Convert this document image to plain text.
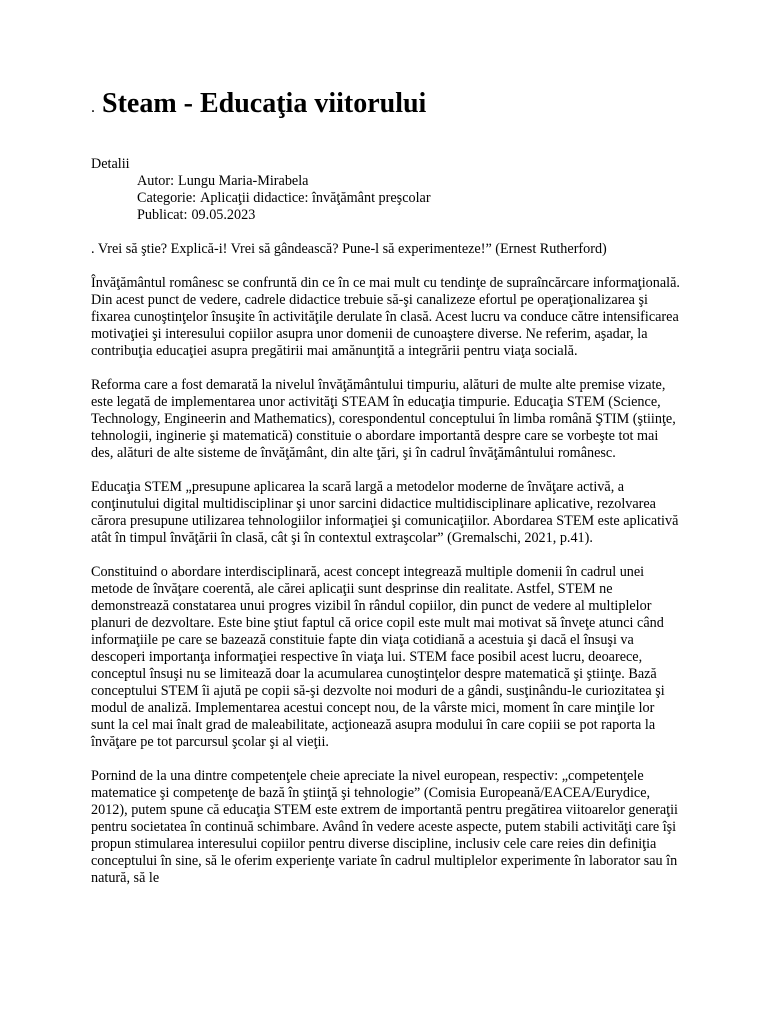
. Steam - Educaţia viitorului
Detalii
Autor: Lungu Maria-Mirabela
Categorie: Aplicaţii didactice: învăţământ preşcolar
Publicat: 09.05.2023

. Vrei să ştie? Explică-i! Vrei să gândească? Pune-l să experimenteze!” (Ernest Rutherford)

Învăţământul românesc se confruntă din ce în ce mai mult cu tendinţe de supraîncărcare informaţională. Din acest punct de vedere, cadrele didactice trebuie să-şi canalizeze efortul pe operaţionalizarea şi fixarea cunoştinţelor însuşite în activităţile derulate în clasă. Acest lucru va conduce către intensificarea motivaţiei şi interesului copiilor asupra unor domenii de cunoaştere diverse. Ne referim, aşadar, la contribuţia educaţiei asupra pregătirii mai amănunţită a integrării pentru viaţa socială.

Reforma care a fost demarată la nivelul învăţământului timpuriu, alături de multe alte premise vizate, este legată de implementarea unor activităţi STEAM în educaţia timpurie. Educaţia STEM (Science, Technology, Engineerin and Mathematics), corespondentul conceptului în limba română ŞTIM (ştiinţe, tehnologii, inginerie şi matematică) constituie o abordare importantă despre care se vorbeşte tot mai des, alături de alte sisteme de învăţământ, din alte ţări, şi în cadrul învăţământului românesc.

Educaţia STEM „presupune aplicarea la scară largă a metodelor moderne de învăţare activă, a conţinutului digital multidisciplinar şi unor sarcini didactice multidisciplinare aplicative, rezolvarea cărora presupune utilizarea tehnologiilor informaţiei şi comunicaţiilor. Abordarea STEM este aplicativă atât în timpul învăţării în clasă, cât şi în contextul extraşcolar” (Gremalschi, 2021, p.41).

Constituind o abordare interdisciplinară, acest concept integrează multiple domenii în cadrul unei metode de învăţare coerentă, ale cărei aplicaţii sunt desprinse din realitate. Astfel, STEM ne demonstrează constatarea unui progres vizibil în rândul copiilor, din punct de vedere al multiplelor planuri de dezvoltare. Este bine ştiut faptul că orice copil este mult mai motivat să înveţe atunci când informaţiile pe care se bazează constituie fapte din viaţa cotidiană a acestuia şi dacă el însuşi va descoperi importanţa informaţiei respective în viaţa lui. STEM face posibil acest lucru, deoarece, conceptul însuşi nu se limitează doar la acumularea cunoştinţelor despre matematică şi ştiinţe. Bază conceptului STEM îi ajută pe copii să-şi dezvolte noi moduri de a gândi, susţinându-le curiozitatea şi modul de analiză. Implementarea acestui concept nou, de la vârste mici, moment în care minţile lor sunt la cel mai înalt grad de maleabilitate, acţionează asupra modului în care copiii se pot raporta la învăţare pe tot parcursul şcolar şi al vieţii.

Pornind de la una dintre competenţele cheie apreciate la nivel european, respectiv: „competenţele matematice şi competenţe de bază în ştiinţă şi tehnologie” (Comisia Europeană/EACEA/Eurydice, 2012), putem spune că educaţia STEM este extrem de importantă pentru pregătirea viitoarelor generaţii pentru societatea în continuă schimbare. Având în vedere aceste aspecte, putem stabili activităţi care îşi propun stimularea interesului copiilor pentru diverse discipline, inclusiv cele care reies din definiţia conceptului în sine, să le oferim experienţe variate în cadrul multiplelor experimente în laborator sau în natură, să le
